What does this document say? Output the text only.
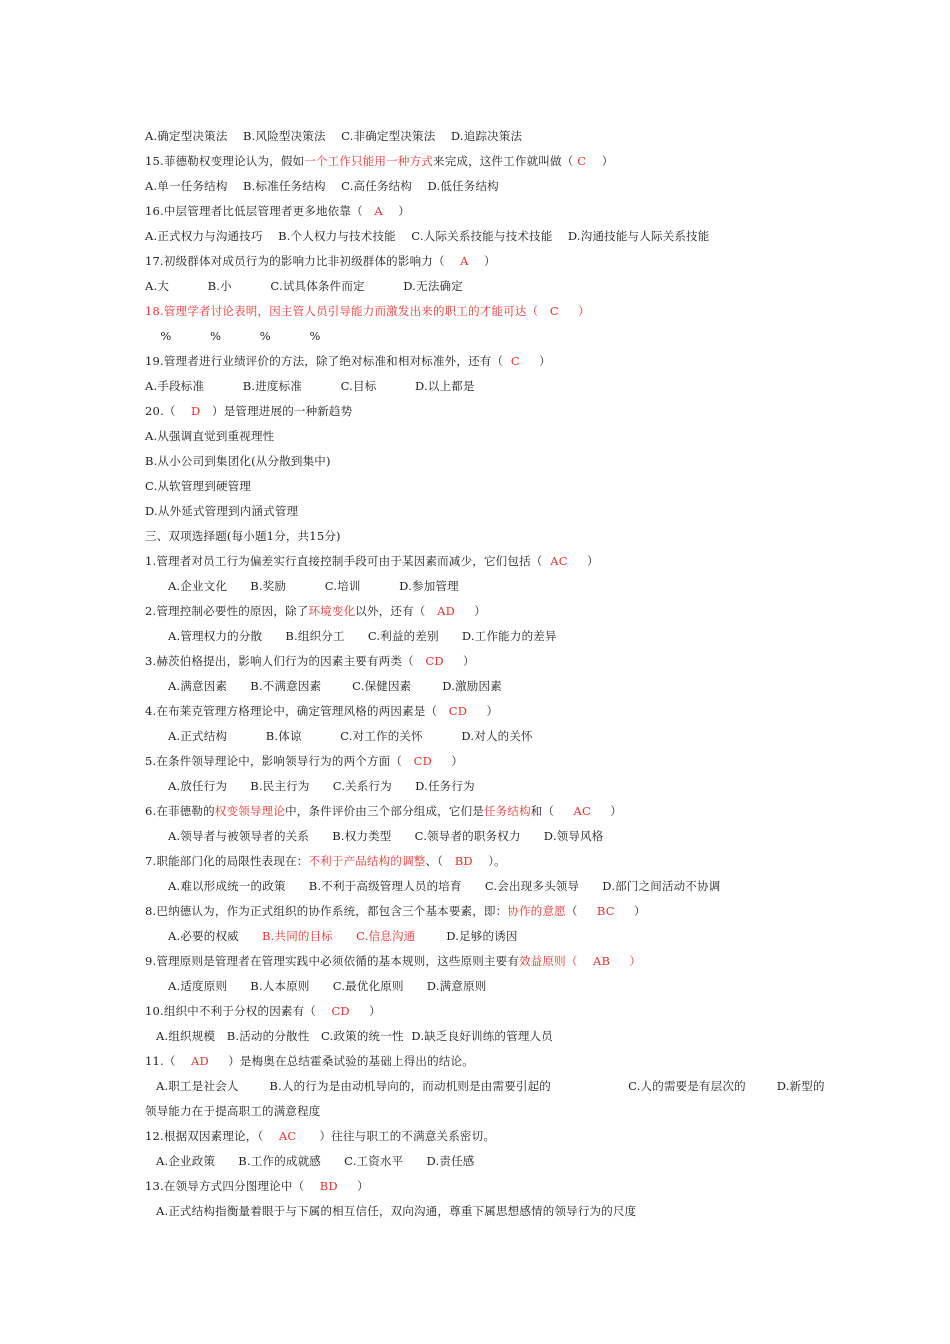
A.确定型决策法    B.风险型决策法    C.非确定型决策法    D.追踪决策法
15.菲德勒权变理论认为，假如一个工作只能用一种方式来完成，这件工作就叫做（ C    ）
A.单一任务结构    B.标准任务结构    C.高任务结构    D.低任务结构
16.中层管理者比低层管理者更多地依靠（   A    ）
A.正式权力与沟通技巧    B.个人权力与技术技能    C.人际关系技能与技术技能    D.沟通技能与人际关系技能
17.初级群体对成员行为的影响力比非初级群体的影响力（    A    ）
A.大          B.小          C.试具体条件而定          D.无法确定
18.管理学者讨论表明，因主管人员引导能力而激发出来的职工的才能可达（   C     ）
%          %          %          %
19.管理者进行业绩评价的方法，除了绝对标准和相对标准外，还有（  C     ）
A.手段标准          B.进度标准          C.目标          D.以上都是
20.（    D   ）是管理进展的一种新趋势
A.从强调直觉到重视理性
B.从小公司到集团化(从分散到集中)
C.从软管理到硬管理
D.从外延式管理到内涵式管理
三、双项选择题(每小题1分，共15分)
1.管理者对员工行为偏差实行直接控制手段可由于某因素而减少，它们包括（  AC     ）
A.企业文化      B.奖励          C.培训          D.参加管理
2.管理控制必要性的原因，除了环境变化以外，还有（   AD     ）
A.管理权力的分散      B.组织分工      C.利益的差别      D.工作能力的差异
3.赫茨伯格提出，影响人们行为的因素主要有两类（   CD     ）
A.满意因素      B.不满意因素        C.保健因素        D.激励因素
4.在布莱克管理方格理论中，确定管理风格的两因素是（   CD     ）
A.正式结构          B.体谅          C.对工作的关怀          D.对人的关怀
5.在条件领导理论中，影响领导行为的两个方面（   CD     ）
A.放任行为      B.民主行为      C.关系行为      D.任务行为
6.在菲德勒的权变领导理论中，条件评价由三个部分组成，它们是任务结构和（     AC     ）
A.领导者与被领导者的关系      B.权力类型      C.领导者的职务权力      D.领导风格
7.职能部门化的局限性表现在：不利于产品结构的调整、（   BD    ）。
A.难以形成统一的政策      B.不利于高级管理人员的培育      C.会出现多头领导      D.部门之间活动不协调
8.巴纳德认为，作为正式组织的协作系统，都包含三个基本要素，即：协作的意愿（     BC     ）
A.必要的权威      B.共同的目标      C.信息沟通        D.足够的诱因
9.管理原则是管理者在管理实践中必须依循的基本规则，这些原则主要有效益原则（    AB     ）
A.适度原则      B.人本原则      C.最优化原则      D.满意原则
10.组织中不利于分权的因素有（    CD     ）
A.组织规模   B.活动的分散性   C.政策的统一性  D.缺乏良好训练的管理人员
11.（    AD     ）是梅奥在总结霍桑试验的基础上得出的结论。
A.职工是社会人        B.人的行为是由动机导向的，而动机则是由需要引起的                    C.人的需要是有层次的        D.新型的
领导能力在于提高职工的满意程度
12.根据双因素理论，（    AC      ）往往与职工的不满意关系密切。
A.企业政策      B.工作的成就感      C.工资水平      D.责任感
13.在领导方式四分图理论中（    BD     ）
A.正式结构指衡量着眼于与下属的相互信任，双向沟通，尊重下属思想感情的领导行为的尺度
